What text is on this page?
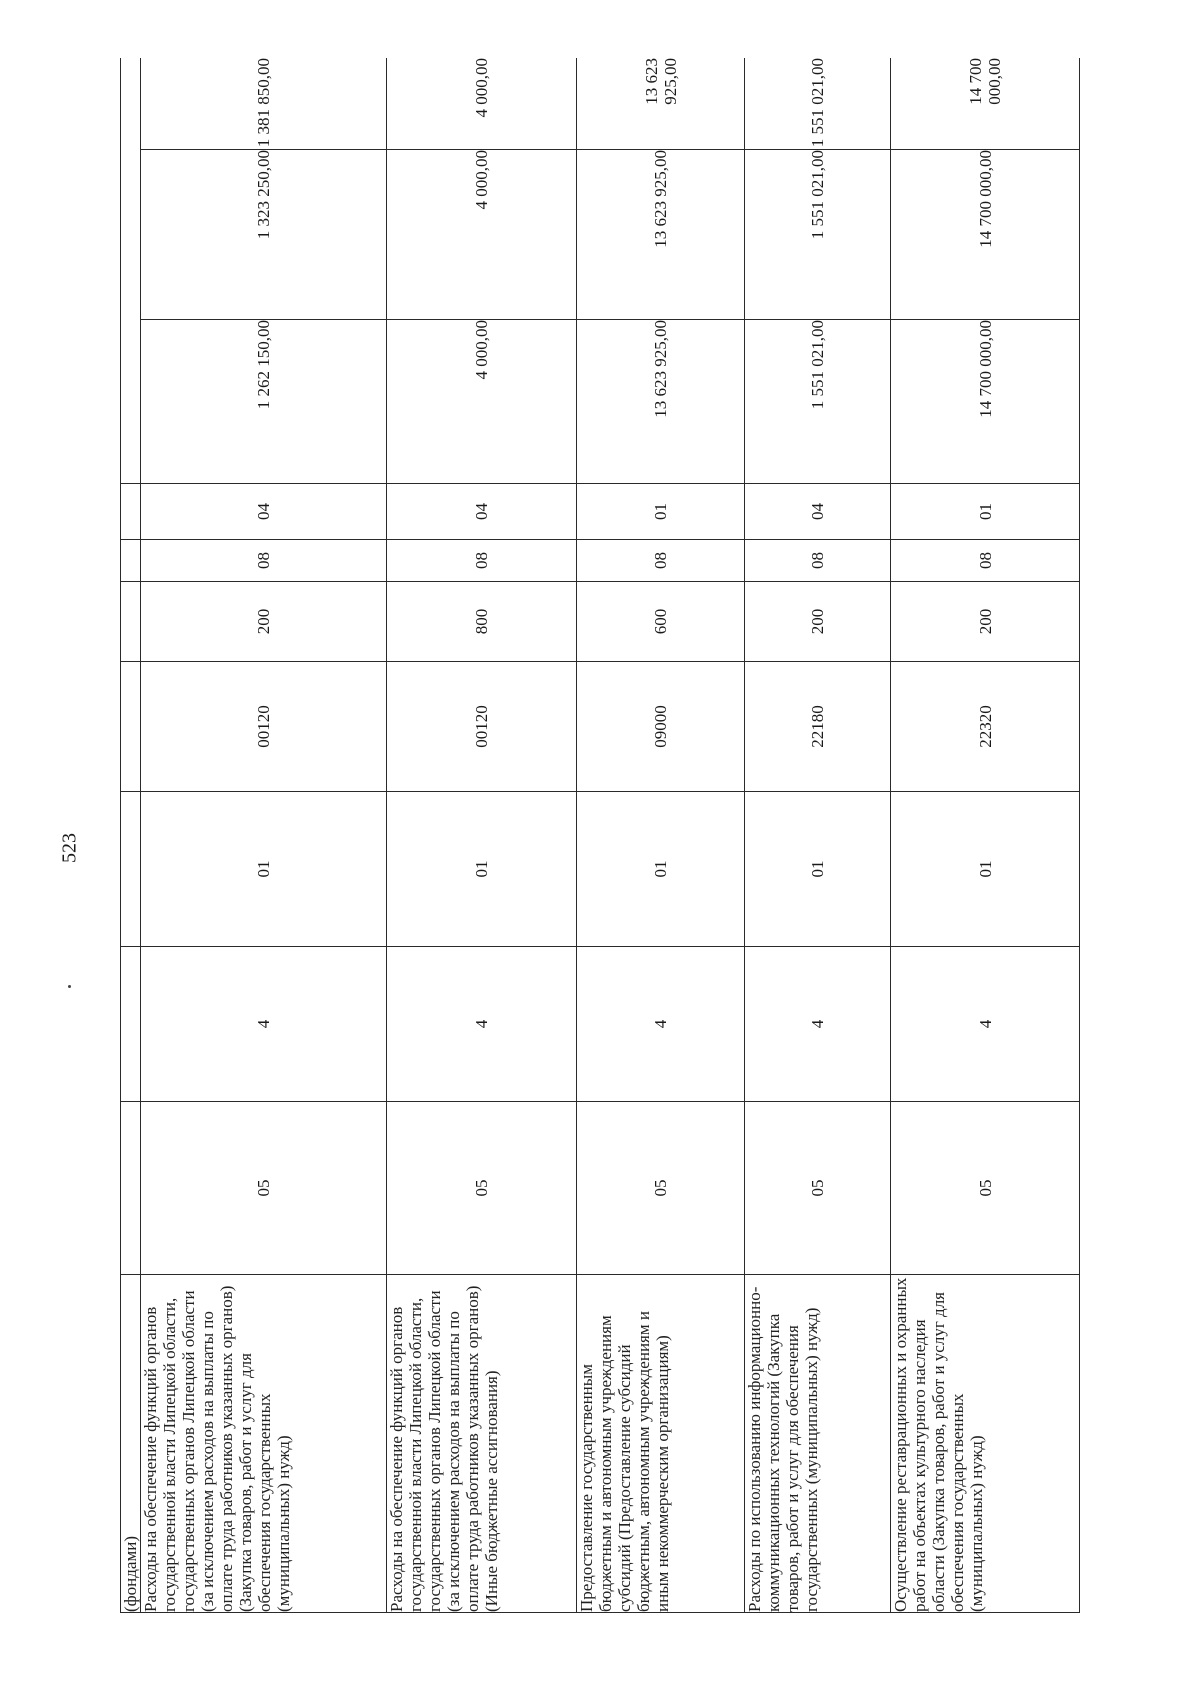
523
(фондами)										
Расходы на обеспечение функций органов государственной власти Липецкой области, государственных органов Липецкой области (за исключением расходов на выплаты по оплате труда работников указанных органов) (Закупка товаров, работ и услуг для обеспечения государственных (муниципальных) нужд)	05	4	01	00120	200	08	04	1 262 150,00	1 323 250,00	1 381 850,00
Расходы на обеспечение функций органов государственной власти Липецкой области, государственных органов Липецкой области (за исключением расходов на выплаты по оплате труда работников указанных органов) (Иные бюджетные ассигнования)	05	4	01	00120	800	08	04	4 000,00	4 000,00	4 000,00
Предоставление государственным бюджетным и автономным учреждениям субсидий (Предоставление субсидий бюджетным, автономным учреждениям и иным некоммерческим организациям)	05	4	01	09000	600	08	01	13 623 925,00	13 623 925,00	13 623 925,00
Расходы по использованию информационно-коммуникационных технологий (Закупка товаров, работ и услуг для обеспечения государственных (муниципальных) нужд)	05	4	01	22180	200	08	04	1 551 021,00	1 551 021,00	1 551 021,00
Осуществление реставрационных и охранных работ на объектах культурного наследия области (Закупка товаров, работ и услуг для обеспечения государственных (муниципальных) нужд)	05	4	01	22320	200	08	01	14 700 000,00	14 700 000,00	14 700 000,00
